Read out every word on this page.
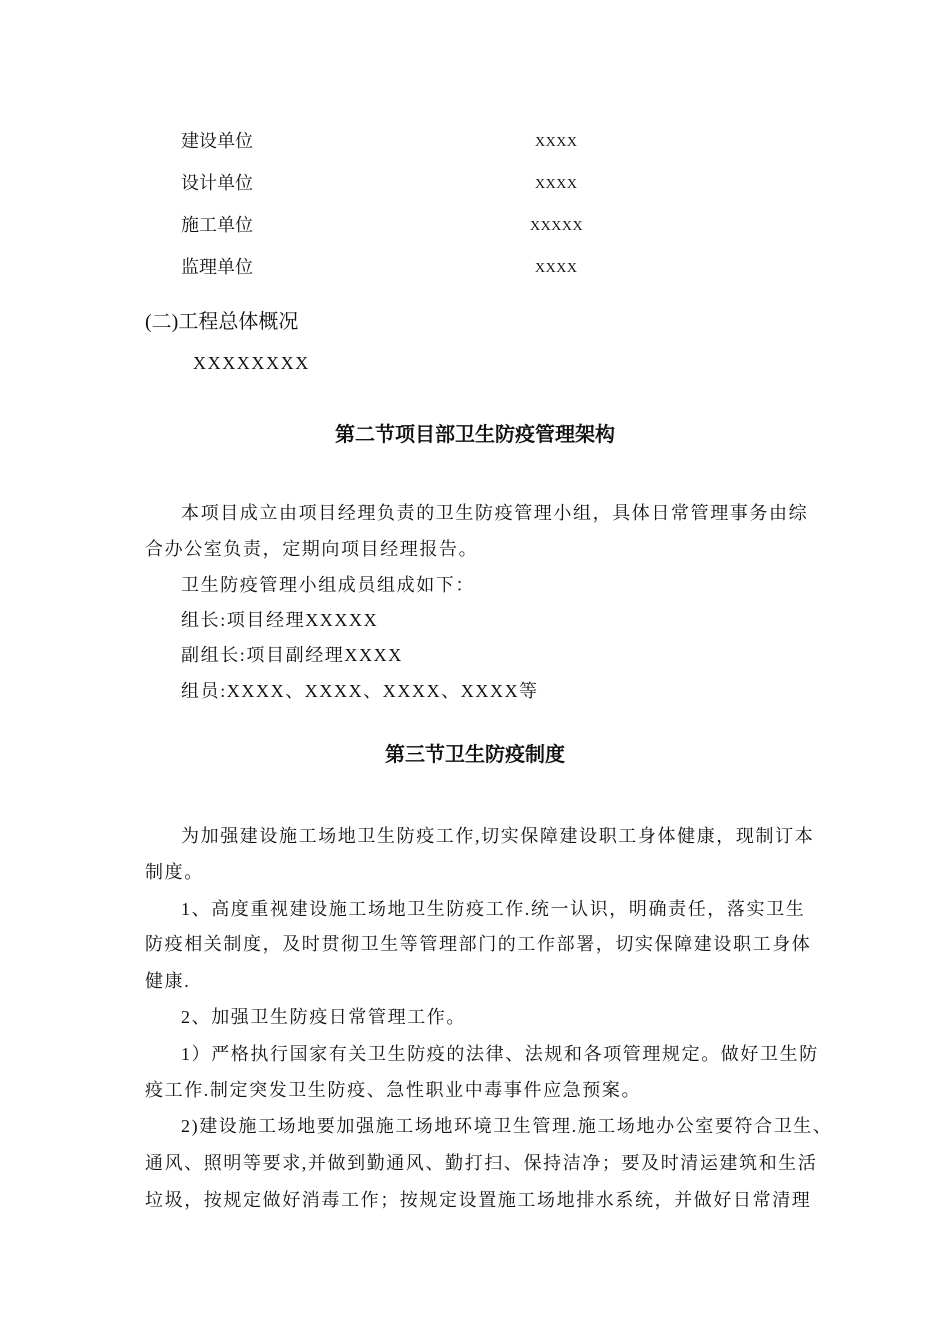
建设单位	XXXX
设计单位	XXXX
施工单位	XXXXX
监理单位	XXXX
(二)工程总体概况
XXXXXXXX
第二节项目部卫生防疫管理架构
本项目成立由项目经理负责的卫生防疫管理小组，具体日常管理事务由综
合办公室负责，定期向项目经理报告。
卫生防疫管理小组成员组成如下：
组长:项目经理XXXXX
副组长:项目副经理XXXX
组员:XXXX、XXXX、XXXX、XXXX等
第三节卫生防疫制度
为加强建设施工场地卫生防疫工作,切实保障建设职工身体健康，现制订本
制度。
1、高度重视建设施工场地卫生防疫工作.统一认识，明确责任，落实卫生
防疫相关制度，及时贯彻卫生等管理部门的工作部署，切实保障建设职工身体
健康.
2、加强卫生防疫日常管理工作。
1）严格执行国家有关卫生防疫的法律、法规和各项管理规定。做好卫生防
疫工作.制定突发卫生防疫、急性职业中毒事件应急预案。
2)建设施工场地要加强施工场地环境卫生管理.施工场地办公室要符合卫生、
通风、照明等要求,并做到勤通风、勤打扫、保持洁净；要及时清运建筑和生活
垃圾，按规定做好消毒工作；按规定设置施工场地排水系统，并做好日常清理
